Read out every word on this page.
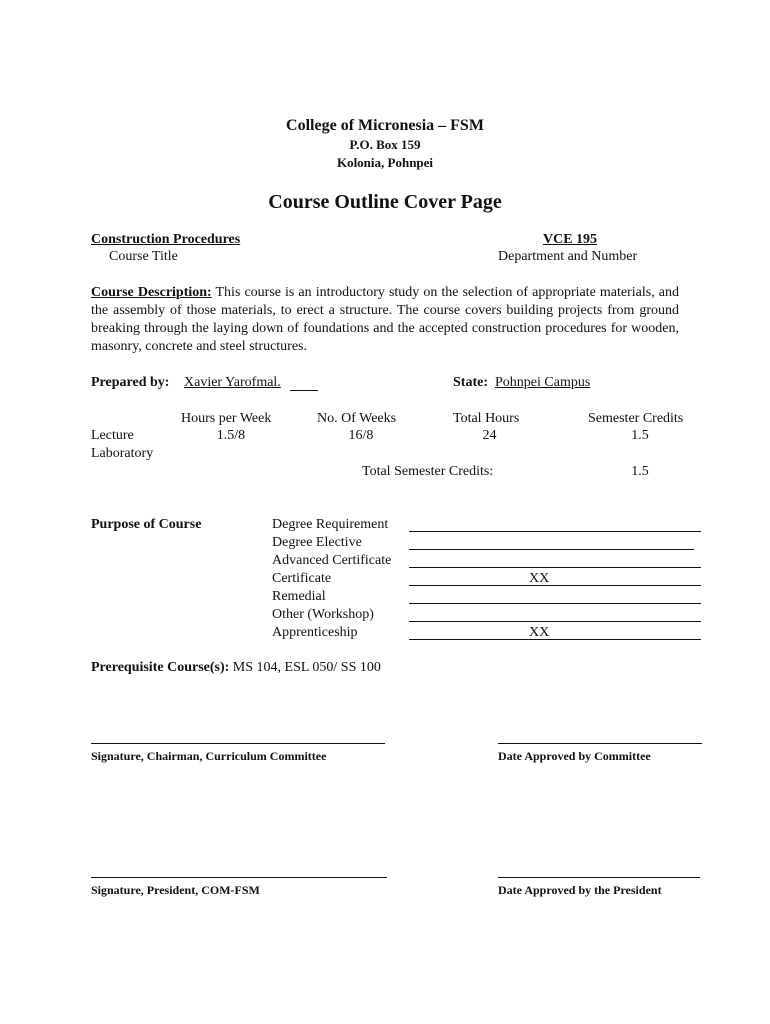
College of Micronesia – FSM
P.O. Box 159
Kolonia, Pohnpei
Course Outline Cover Page
Construction Procedures
Course Title
VCE 195
Department and Number
Course Description: This course is an introductory study on the selection of appropriate materials, and the assembly of those materials, to erect a structure. The course covers building projects from ground breaking through the laying down of foundations and the accepted construction procedures for wooden, masonry, concrete and steel structures.
Prepared by: Xavier Yarofmal.	State: Pohnpei Campus
Hours per Week	No. Of Weeks	Total Hours	Semester Credits
Lecture	1.5/8	16/8	24	1.5
Laboratory
Total Semester Credits:	1.5
Purpose of Course	Degree Requirement
Degree Elective
Advanced Certificate
Certificate	XX
Remedial
Other (Workshop)
Apprenticeship	XX
Prerequisite Course(s): MS 104, ESL 050/ SS 100
Signature, Chairman, Curriculum Committee	Date Approved by Committee
Signature, President, COM-FSM	Date Approved by the President
